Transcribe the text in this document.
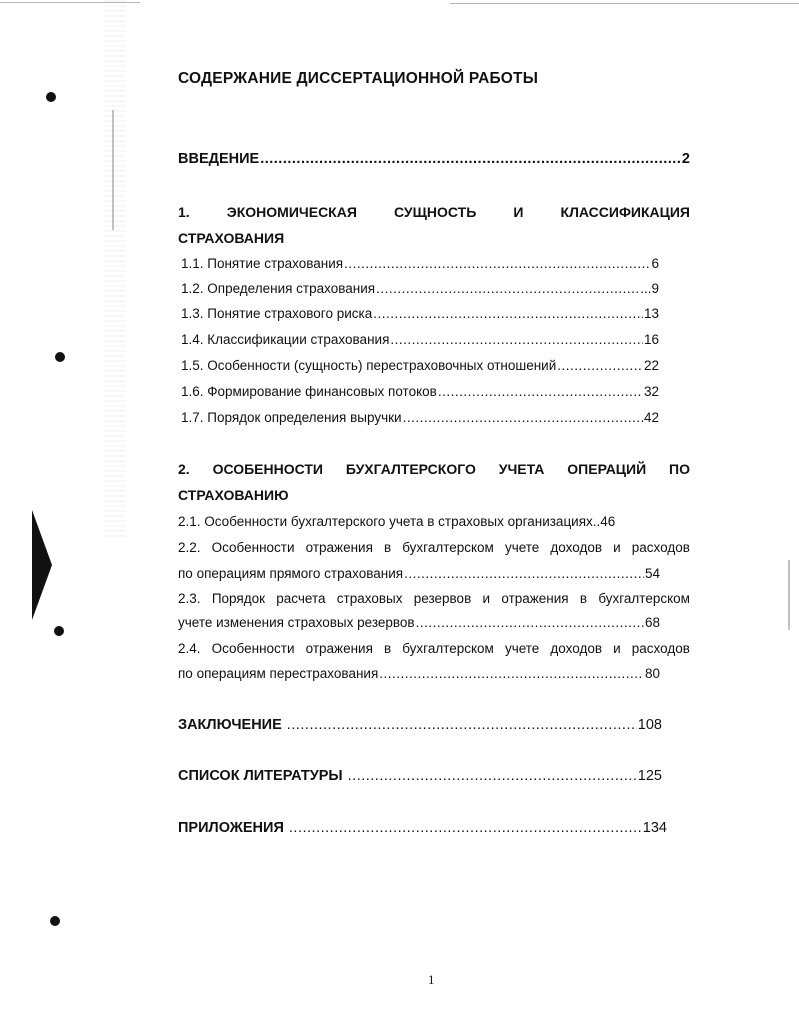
СОДЕРЖАНИЕ ДИССЕРТАЦИОННОЙ РАБОТЫ
ВВЕДЕНИЕ .....	2
1.	ЭКОНОМИЧЕСКАЯ	СУЩНОСТЬ	И	КЛАССИФИКАЦИЯ
СТРАХОВАНИЯ
1.1. Понятие страхования .....	6
1.2. Определения страхования .....	...9
1.3. Понятие страхового риска .....	13
1.4. Классификации страхования .....	16
1.5. Особенности (сущность) перестраховочных отношений .....	22
1.6. Формирование финансовых потоков .....	32
1.7. Порядок определения выручки .....	42
2. ОСОБЕННОСТИ БУХГАЛТЕРСКОГО УЧЕТА ОПЕРАЦИЙ ПО
СТРАХОВАНИЮ
2.1. Особенности бухгалтерского учета в страховых организациях.. 46
2.2. Особенности отражения в бухгалтерском учете доходов и расходов
по операциям прямого страхования .....	54
2.3. Порядок расчета страховых резервов и отражения в бухгалтерском
учете изменения страховых резервов .....	68
2.4. Особенности отражения в бухгалтерском учете доходов и расходов
по операциям перестрахования .....	80
ЗАКЛЮЧЕНИЕ .....	108
СПИСОК ЛИТЕРАТУРЫ .....	125
ПРИЛОЖЕНИЯ .....	134
1
